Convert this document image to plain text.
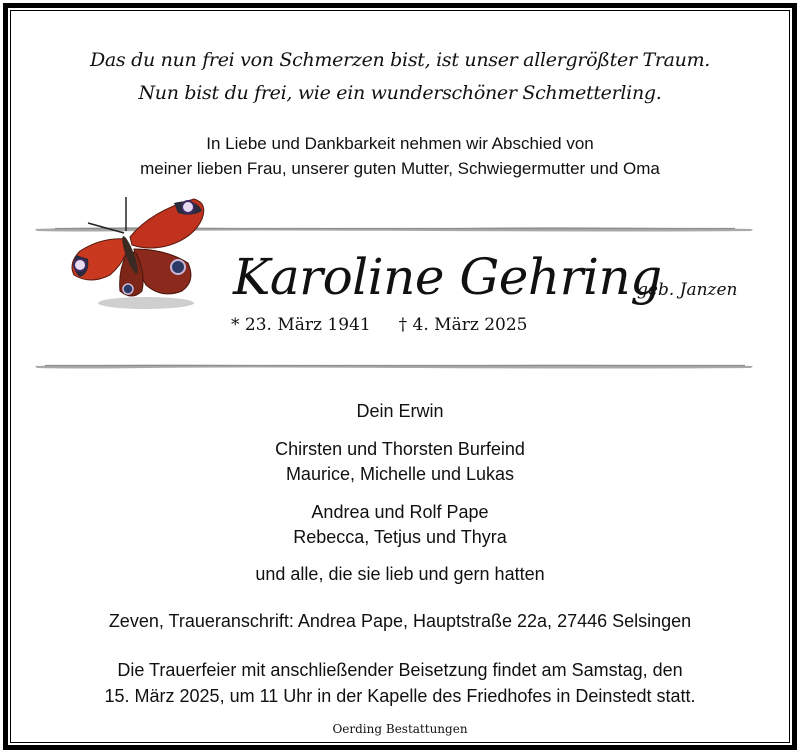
Das du nun frei von Schmerzen bist, ist unser allergrößter Traum.
Nun bist du frei, wie ein wunderschöner Schmetterling.
In Liebe und Dankbarkeit nehmen wir Abschied von
meiner lieben Frau, unserer guten Mutter, Schwiegermutter und Oma
Karoline Gehring
geb. Janzen
* 23. März 1941 † 4. März 2025
Dein Erwin
Chirsten und Thorsten Burfeind
Maurice, Michelle und Lukas
Andrea und Rolf Pape
Rebecca, Tetjus und Thyra
und alle, die sie lieb und gern hatten
Zeven, Traueranschrift: Andrea Pape, Hauptstraße 22a, 27446 Selsingen
Die Trauerfeier mit anschließender Beisetzung findet am Samstag, den
15. März 2025, um 11 Uhr in der Kapelle des Friedhofes in Deinstedt statt.
Oerding Bestattungen
